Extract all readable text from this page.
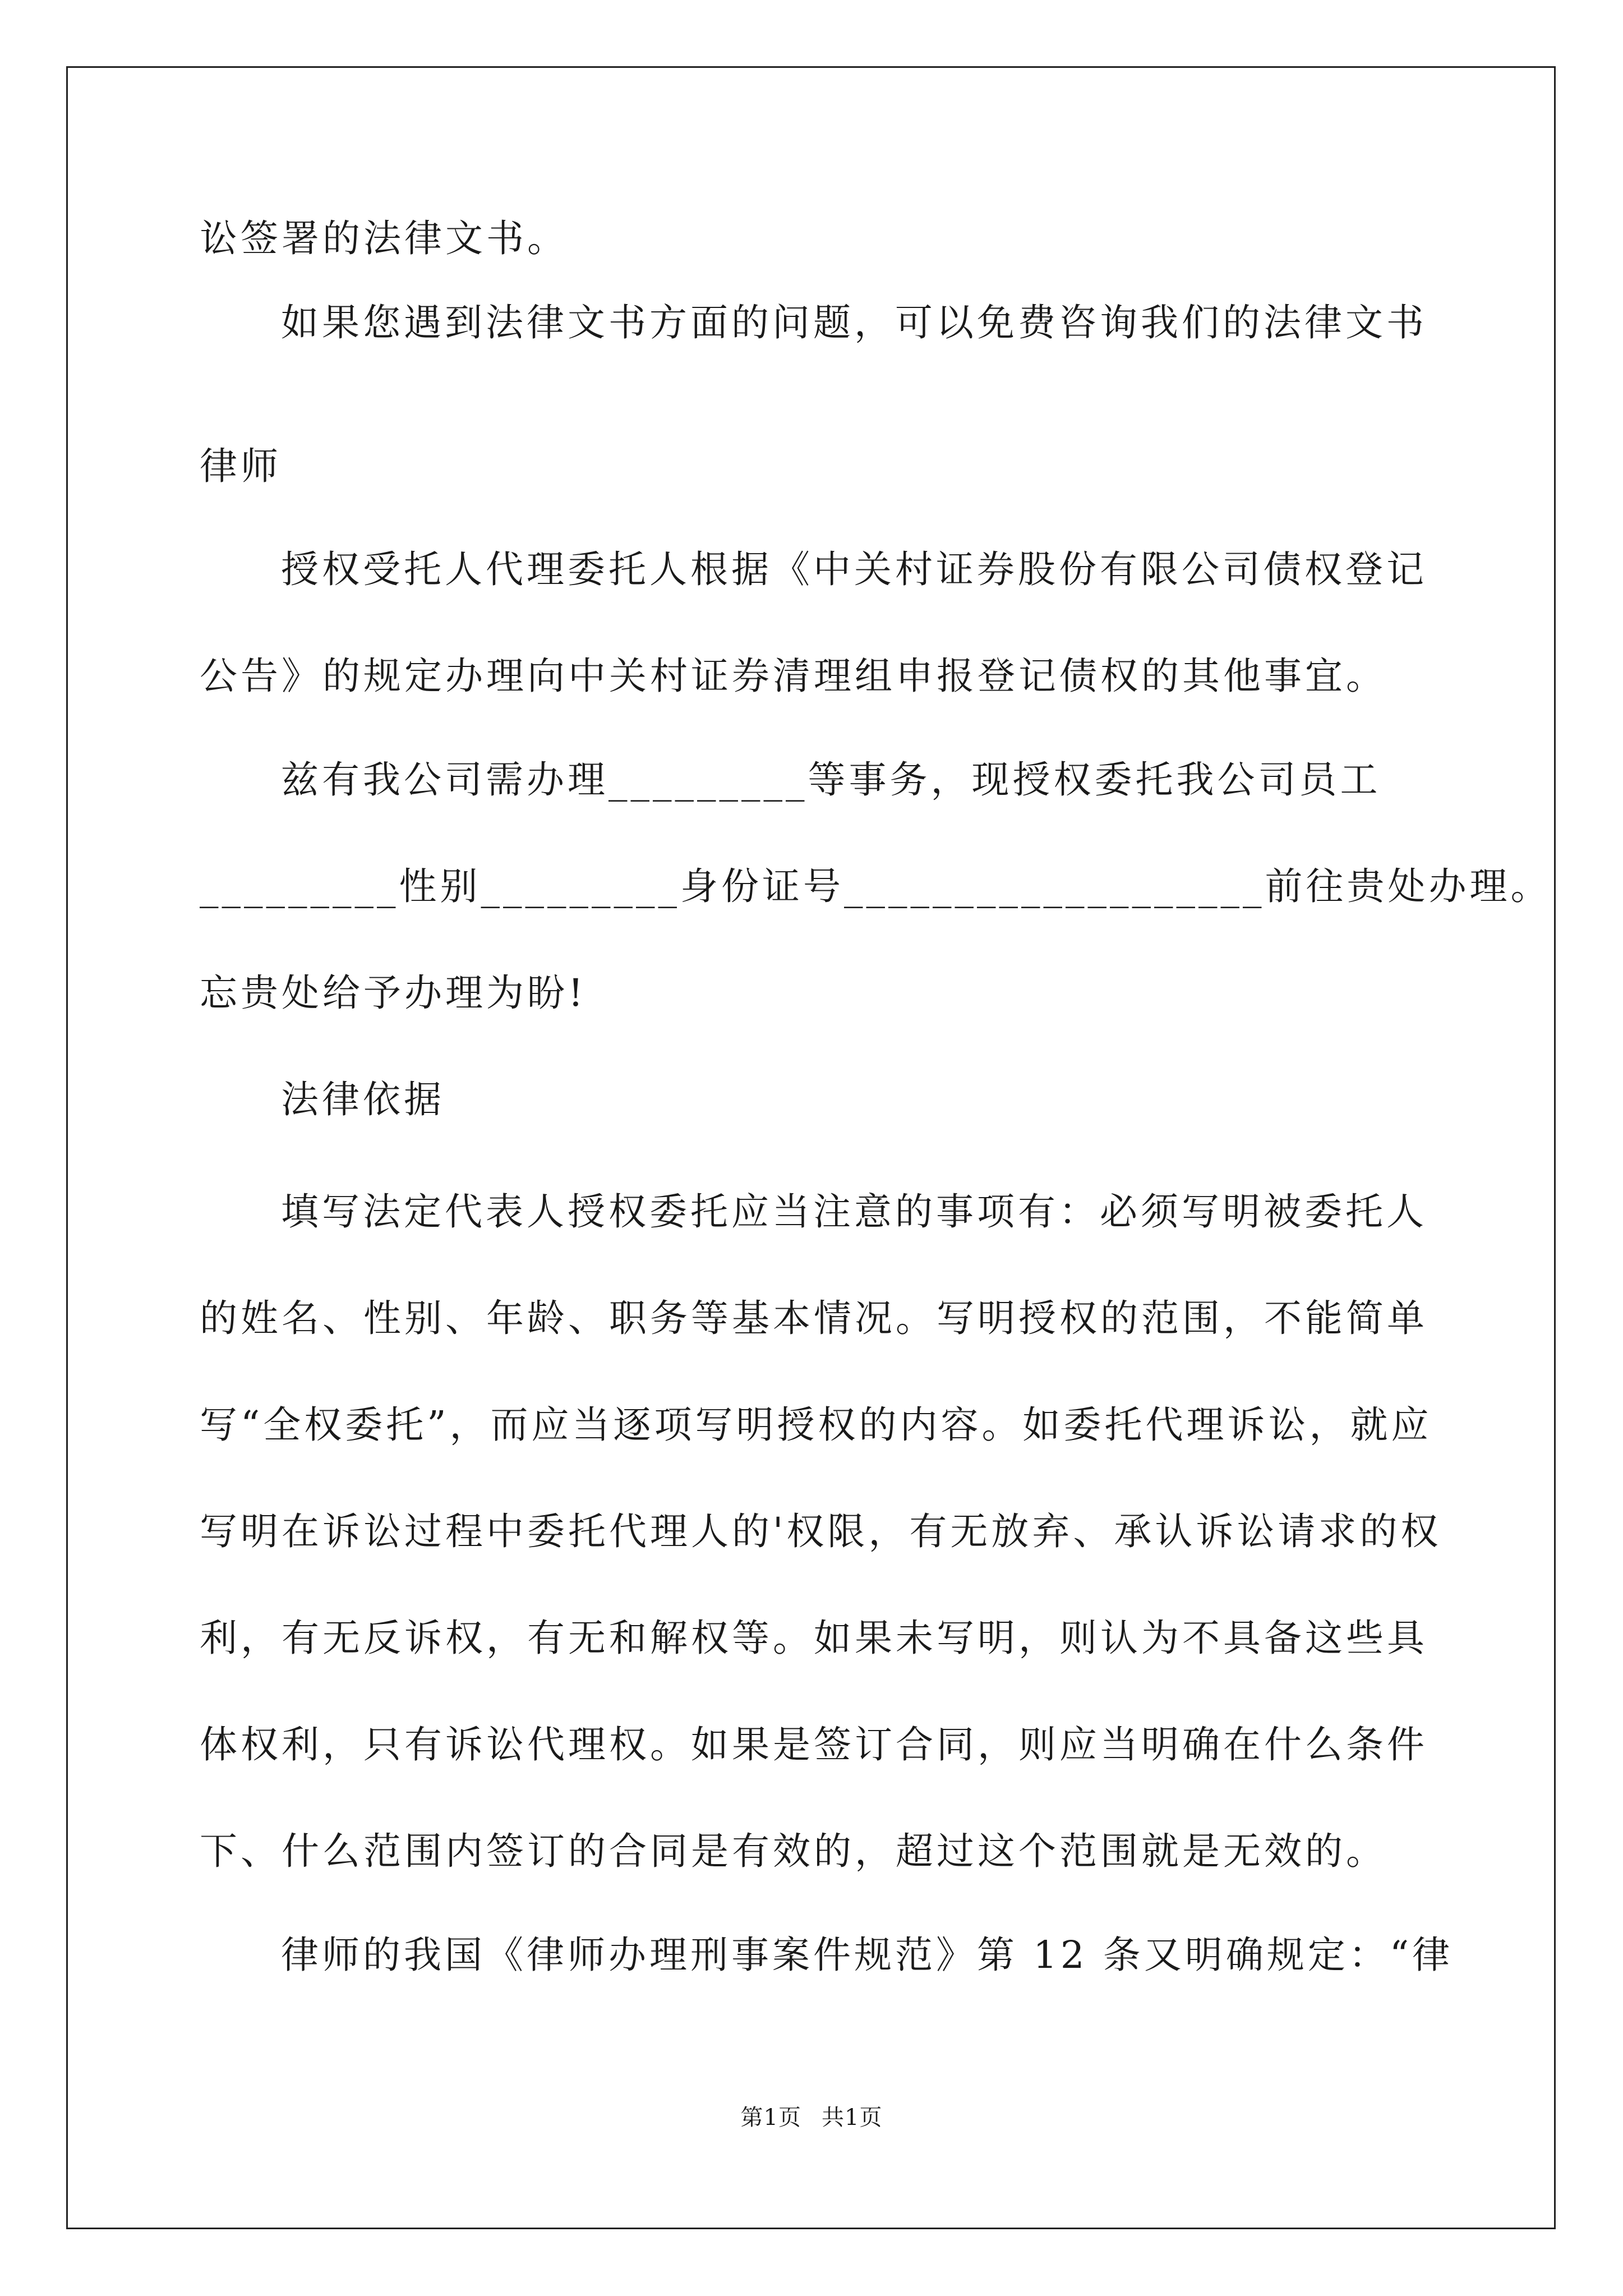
讼签署的法律文书。
如果您遇到法律文书方面的问题，可以免费咨询我们的法律文书
律师
授权受托人代理委托人根据《中关村证券股份有限公司债权登记
公告》的规定办理向中关村证券清理组申报登记债权的其他事宜。
兹有我公司需办理_________等事务，现授权委托我公司员工
_________性别_________身份证号___________________前往贵处办理。
忘贵处给予办理为盼!
法律依据
填写法定代表人授权委托应当注意的事项有：必须写明被委托人
的姓名、性别、年龄、职务等基本情况。写明授权的范围，不能简单
写“全权委托”，而应当逐项写明授权的内容。如委托代理诉讼，就应
写明在诉讼过程中委托代理人的'权限，有无放弃、承认诉讼请求的权
利，有无反诉权，有无和解权等。如果未写明，则认为不具备这些具
体权利，只有诉讼代理权。如果是签订合同，则应当明确在什么条件
下、什么范围内签订的合同是有效的，超过这个范围就是无效的。
律师的我国《律师办理刑事案件规范》第 12 条又明确规定：“律
第1页 共1页
